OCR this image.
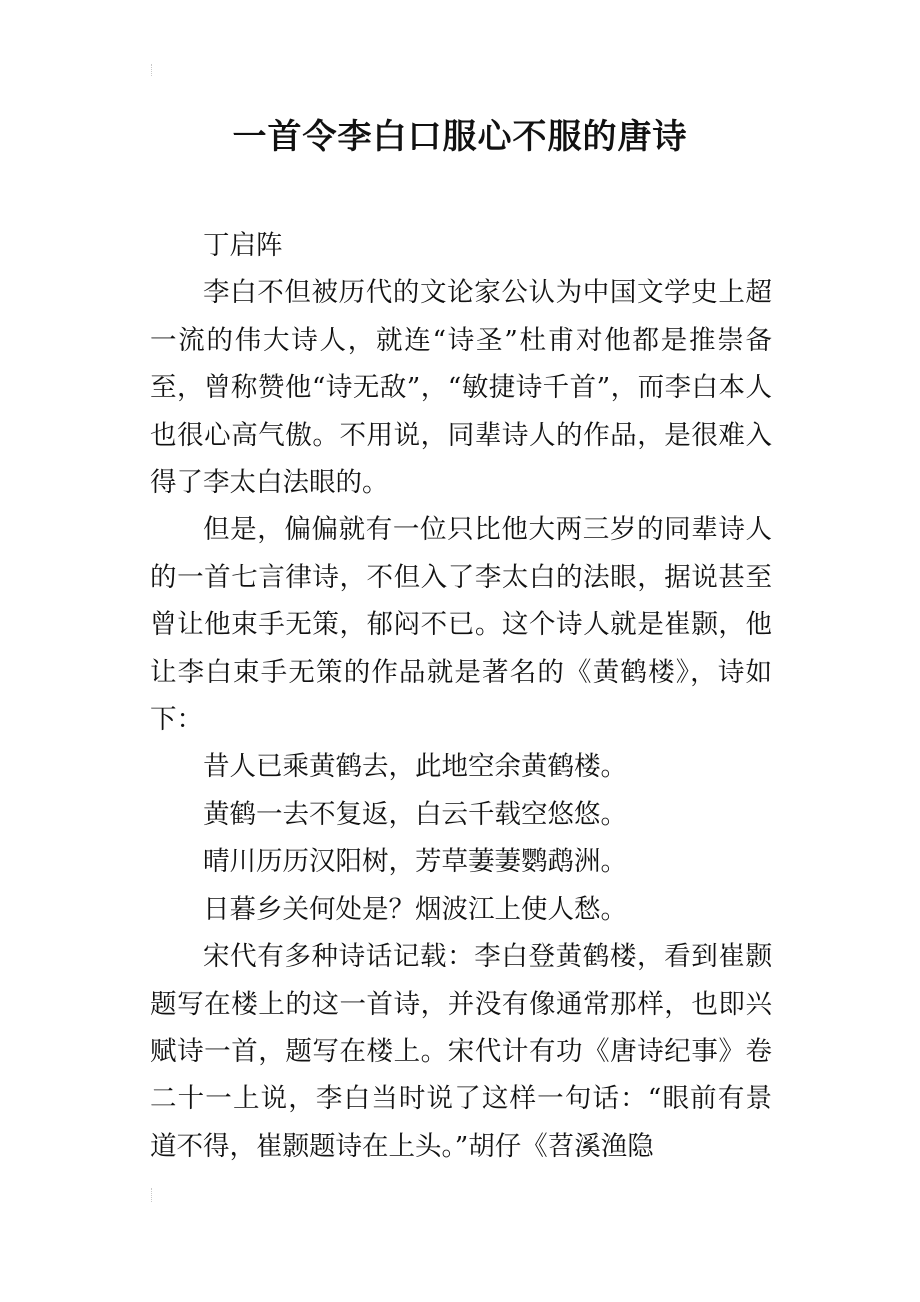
一首令李白口服心不服的唐诗

丁启阵

李白不但被历代的文论家公认为中国文学史上超一流的伟大诗人，就连“诗圣”杜甫对他都是推崇备至，曾称赞他“诗无敌”，“敏捷诗千首”，而李白本人也很心高气傲。不用说，同辈诗人的作品，是很难入得了李太白法眼的。

但是，偏偏就有一位只比他大两三岁的同辈诗人的一首七言律诗，不但入了李太白的法眼，据说甚至曾让他束手无策，郁闷不已。这个诗人就是崔颢，他让李白束手无策的作品就是著名的《黄鹤楼》，诗如下：

昔人已乘黄鹤去，此地空余黄鹤楼。

黄鹤一去不复返，白云千载空悠悠。

晴川历历汉阳树，芳草萋萋鹦鹉洲。

日暮乡关何处是？烟波江上使人愁。

宋代有多种诗话记载：李白登黄鹤楼，看到崔颢题写在楼上的这一首诗，并没有像通常那样，也即兴赋诗一首，题写在楼上。宋代计有功《唐诗纪事》卷二十一上说，李白当时说了这样一句话：“眼前有景道不得，崔颢题诗在上头。”胡仔《苕溪渔隐
